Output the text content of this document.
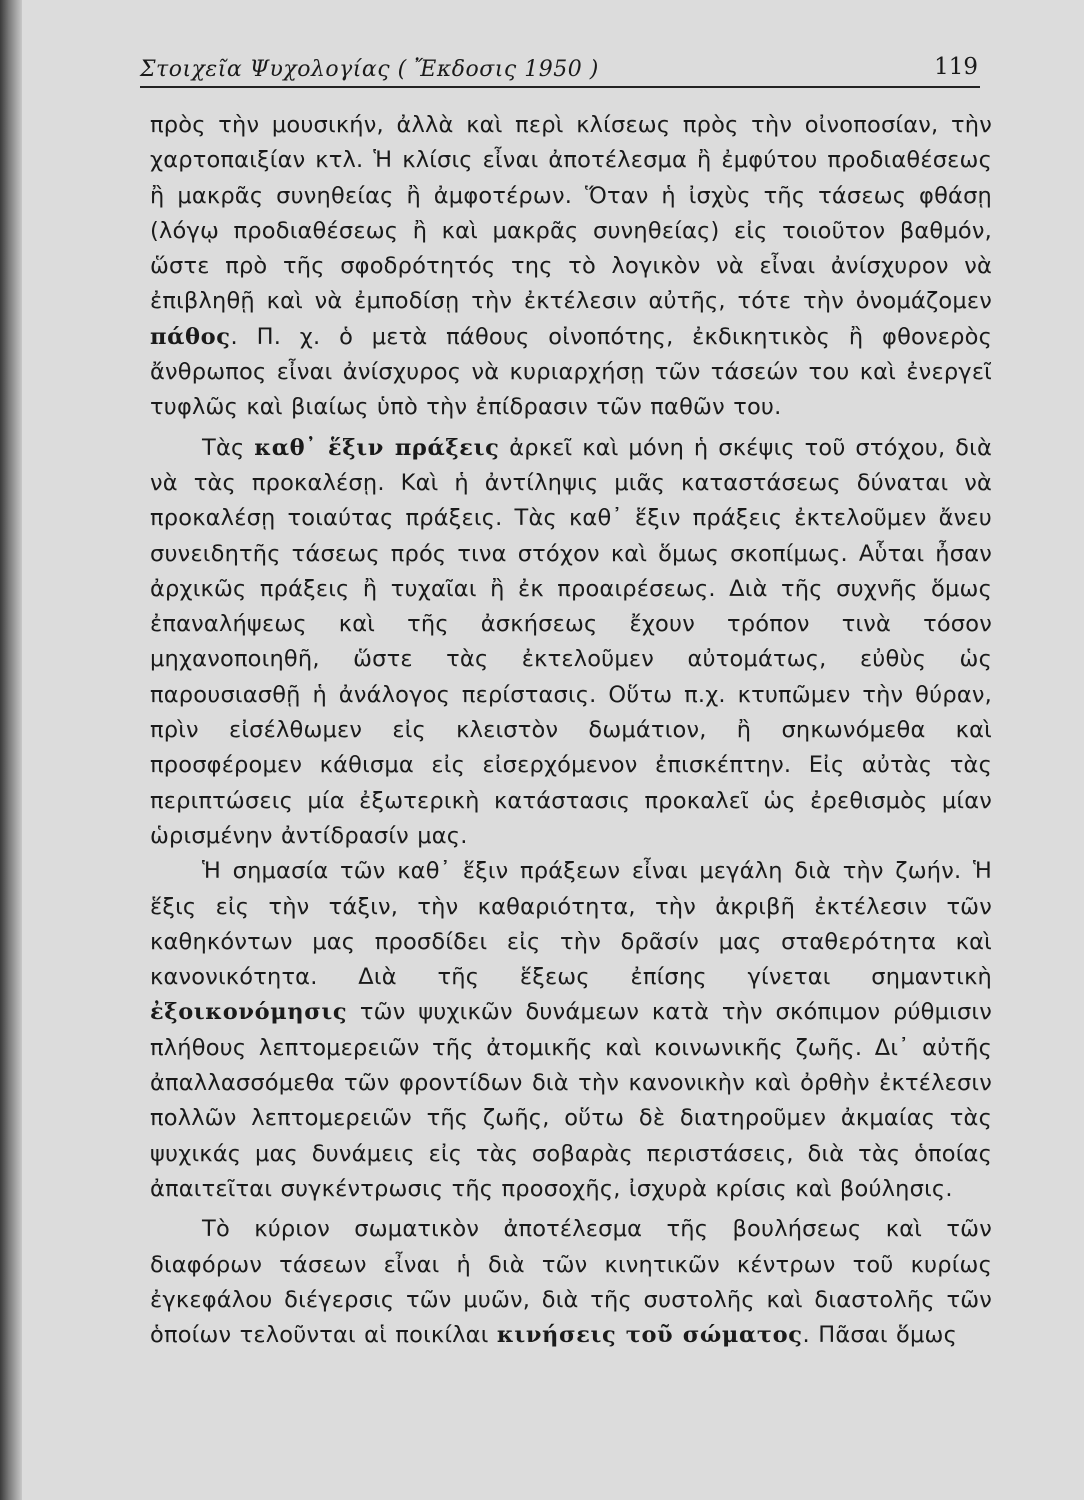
Στοιχεῖα Ψυχολογίας ( Ἔκδοσις 1950 )	119

πρὸς τὴν μουσικήν, ἀλλὰ καὶ περὶ κλίσεως πρὸς τὴν οἰνοποσίαν, τὴν χαρτοπαιξίαν κτλ. Ἡ κλίσις εἶναι ἀποτέλεσμα ἢ ἐμφύτου προδιαθέσεως ἢ μακρᾶς συνηθείας ἢ ἀμφοτέρων. Ὅταν ἡ ἰσχὺς τῆς τάσεως φθάσῃ (λόγῳ προδιαθέσεως ἢ καὶ μακρᾶς συνηθείας) εἰς τοιοῦτον βαθμόν, ὥστε πρὸ τῆς σφοδρότητός της τὸ λογικὸν νὰ εἶναι ἀνίσχυρον νὰ ἐπιβληθῇ καὶ νὰ ἐμποδίσῃ τὴν ἐκτέλεσιν αὐτῆς, τότε τὴν ὀνομάζομεν πάθος. Π. χ. ὁ μετὰ πάθους οἰνοπότης, ἐκδικητικὸς ἢ φθονερὸς ἄνθρωπος εἶναι ἀνίσχυρος νὰ κυριαρχήσῃ τῶν τάσεών του καὶ ἐνεργεῖ τυφλῶς καὶ βιαίως ὑπὸ τὴν ἐπίδρασιν τῶν παθῶν του.

Τὰς καθ᾽ ἕξιν πράξεις ἀρκεῖ καὶ μόνη ἡ σκέψις τοῦ στόχου, διὰ νὰ τὰς προκαλέσῃ. Καὶ ἡ ἀντίληψις μιᾶς καταστάσεως δύναται νὰ προκαλέσῃ τοιαύτας πράξεις. Τὰς καθ᾽ ἕξιν πράξεις ἐκτελοῦμεν ἄνευ συνειδητῆς τάσεως πρός τινα στόχον καὶ ὅμως σκοπίμως. Αὗται ἦσαν ἀρχικῶς πράξεις ἢ τυχαῖαι ἢ ἐκ προαιρέσεως. Διὰ τῆς συχνῆς ὅμως ἐπαναλήψεως καὶ τῆς ἀσκήσεως ἔχουν τρόπον τινὰ τόσον μηχανοποιηθῆ, ὥστε τὰς ἐκτελοῦμεν αὐτομάτως, εὐθὺς ὡς παρουσιασθῇ ἡ ἀνάλογος περίστασις. Οὕτω π.χ. κτυπῶμεν τὴν θύραν, πρὶν εἰσέλθωμεν εἰς κλειστὸν δωμάτιον, ἢ σηκωνόμεθα καὶ προσφέρομεν κάθισμα εἰς εἰσερχόμενον ἐπισκέπτην. Εἰς αὐτὰς τὰς περιπτώσεις μία ἐξωτερικὴ κατάστασις προκαλεῖ ὡς ἐρεθισμὸς μίαν ὡρισμένην ἀντίδρασίν μας.

Ἡ σημασία τῶν καθ᾽ ἕξιν πράξεων εἶναι μεγάλη διὰ τὴν ζωήν. Ἡ ἕξις εἰς τὴν τάξιν, τὴν καθαριότητα, τὴν ἀκριβῆ ἐκτέλεσιν τῶν καθηκόντων μας προσδίδει εἰς τὴν δρᾶσίν μας σταθερότητα καὶ κανονικότητα. Διὰ τῆς ἕξεως ἐπίσης γίνεται σημαντικὴ ἐξοικονόμησις τῶν ψυχικῶν δυνάμεων κατὰ τὴν σκόπιμον ρύθμισιν πλήθους λεπτομερειῶν τῆς ἀτομικῆς καὶ κοινωνικῆς ζωῆς. Δι᾽ αὐτῆς ἀπαλλασσόμεθα τῶν φροντίδων διὰ τὴν κανονικὴν καὶ ὀρθὴν ἐκτέλεσιν πολλῶν λεπτομερειῶν τῆς ζωῆς, οὕτω δὲ διατηροῦμεν ἀκμαίας τὰς ψυχικάς μας δυνάμεις εἰς τὰς σοβαρὰς περιστάσεις, διὰ τὰς ὁποίας ἀπαιτεῖται συγκέντρωσις τῆς προσοχῆς, ἰσχυρὰ κρίσις καὶ βούλησις.

Τὸ κύριον σωματικὸν ἀποτέλεσμα τῆς βουλήσεως καὶ τῶν διαφόρων τάσεων εἶναι ἡ διὰ τῶν κινητικῶν κέντρων τοῦ κυρίως ἐγκεφάλου διέγερσις τῶν μυῶν, διὰ τῆς συστολῆς καὶ διαστολῆς τῶν ὁποίων τελοῦνται αἱ ποικίλαι κινήσεις τοῦ σώματος. Πᾶσαι ὅμως
